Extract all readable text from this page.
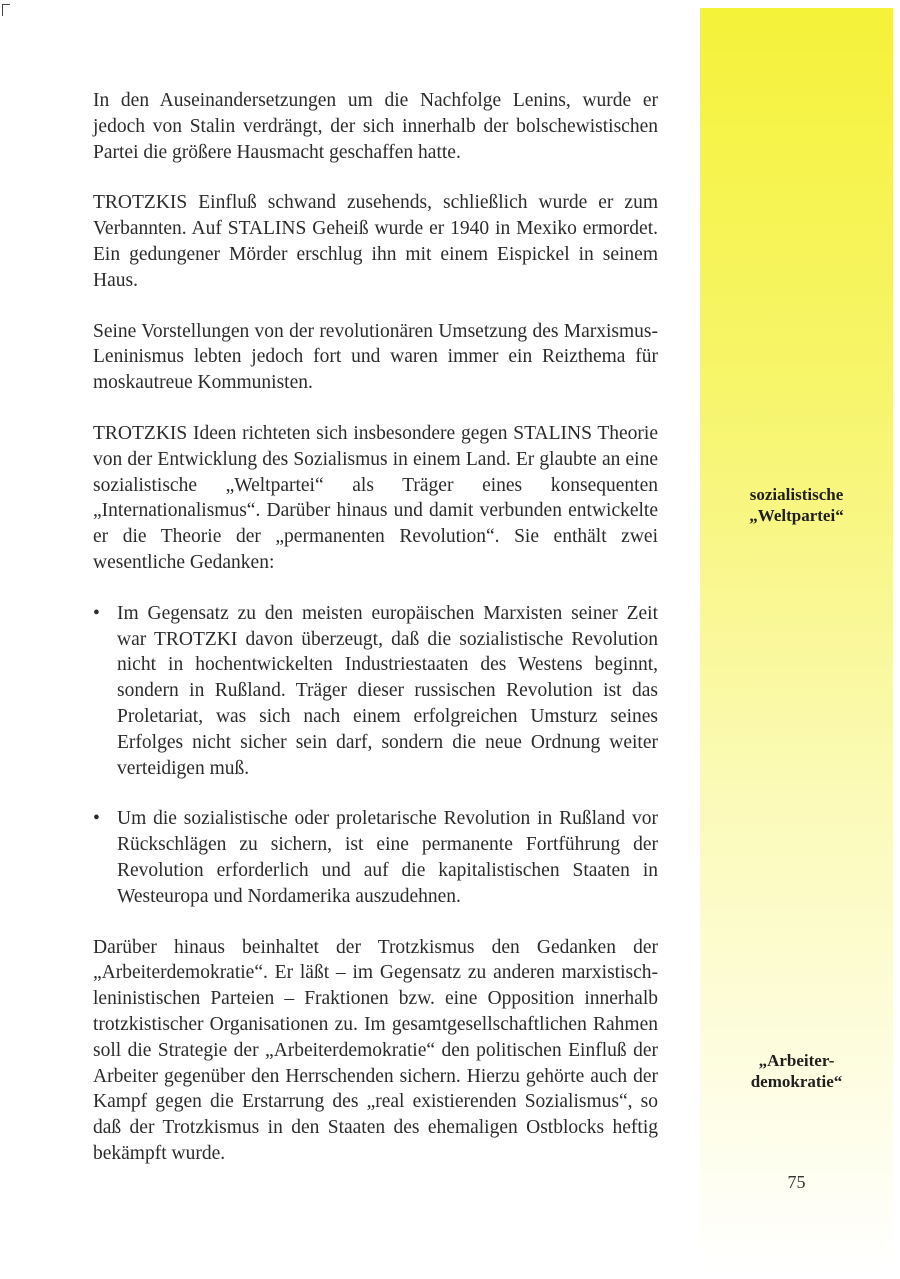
In den Auseinandersetzungen um die Nachfolge Lenins, wurde er jedoch von Stalin verdrängt, der sich innerhalb der bolschewistischen Partei die größere Hausmacht geschaffen hatte.

TROTZKIS Einfluß schwand zusehends, schließlich wurde er zum Verbannten. Auf STALINS Geheiß wurde er 1940 in Mexiko ermordet. Ein gedungener Mörder erschlug ihn mit einem Eispickel in seinem Haus.

Seine Vorstellungen von der revolutionären Umsetzung des Marxismus-Leninismus lebten jedoch fort und waren immer ein Reizthema für moskautreue Kommunisten.

TROTZKIS Ideen richteten sich insbesondere gegen STALINS Theorie von der Entwicklung des Sozialismus in einem Land. Er glaubte an eine sozialistische „Weltpartei“ als Träger eines konsequenten „Internationalismus“. Darüber hinaus und damit verbunden entwickelte er die Theorie der „permanenten Revolution“. Sie enthält zwei wesentliche Gedanken:

• Im Gegensatz zu den meisten europäischen Marxisten seiner Zeit war TROTZKI davon überzeugt, daß die sozialistische Revolution nicht in hochentwickelten Industriestaaten des Westens beginnt, sondern in Rußland. Träger dieser russischen Revolution ist das Proletariat, was sich nach einem erfolgreichen Umsturz seines Erfolges nicht sicher sein darf, sondern die neue Ordnung weiter verteidigen muß.
• Um die sozialistische oder proletarische Revolution in Rußland vor Rückschlägen zu sichern, ist eine permanente Fortführung der Revolution erforderlich und auf die kapitalistischen Staaten in Westeuropa und Nordamerika auszudehnen.

Darüber hinaus beinhaltet der Trotzkismus den Gedanken der „Arbeiterdemokratie“. Er läßt – im Gegensatz zu anderen marxistisch-leninistischen Parteien – Fraktionen bzw. eine Opposition innerhalb trotzkistischer Organisationen zu. Im gesamtgesellschaftlichen Rahmen soll die Strategie der „Arbeiterdemokratie“ den politischen Einfluß der Arbeiter gegenüber den Herrschenden sichern. Hierzu gehörte auch der Kampf gegen die Erstarrung des „real existierenden Sozialismus“, so daß der Trotzkismus in den Staaten des ehemaligen Ostblocks heftig bekämpft wurde.

sozialistische
„Weltpartei“
„Arbeiter-
demokratie“
75
